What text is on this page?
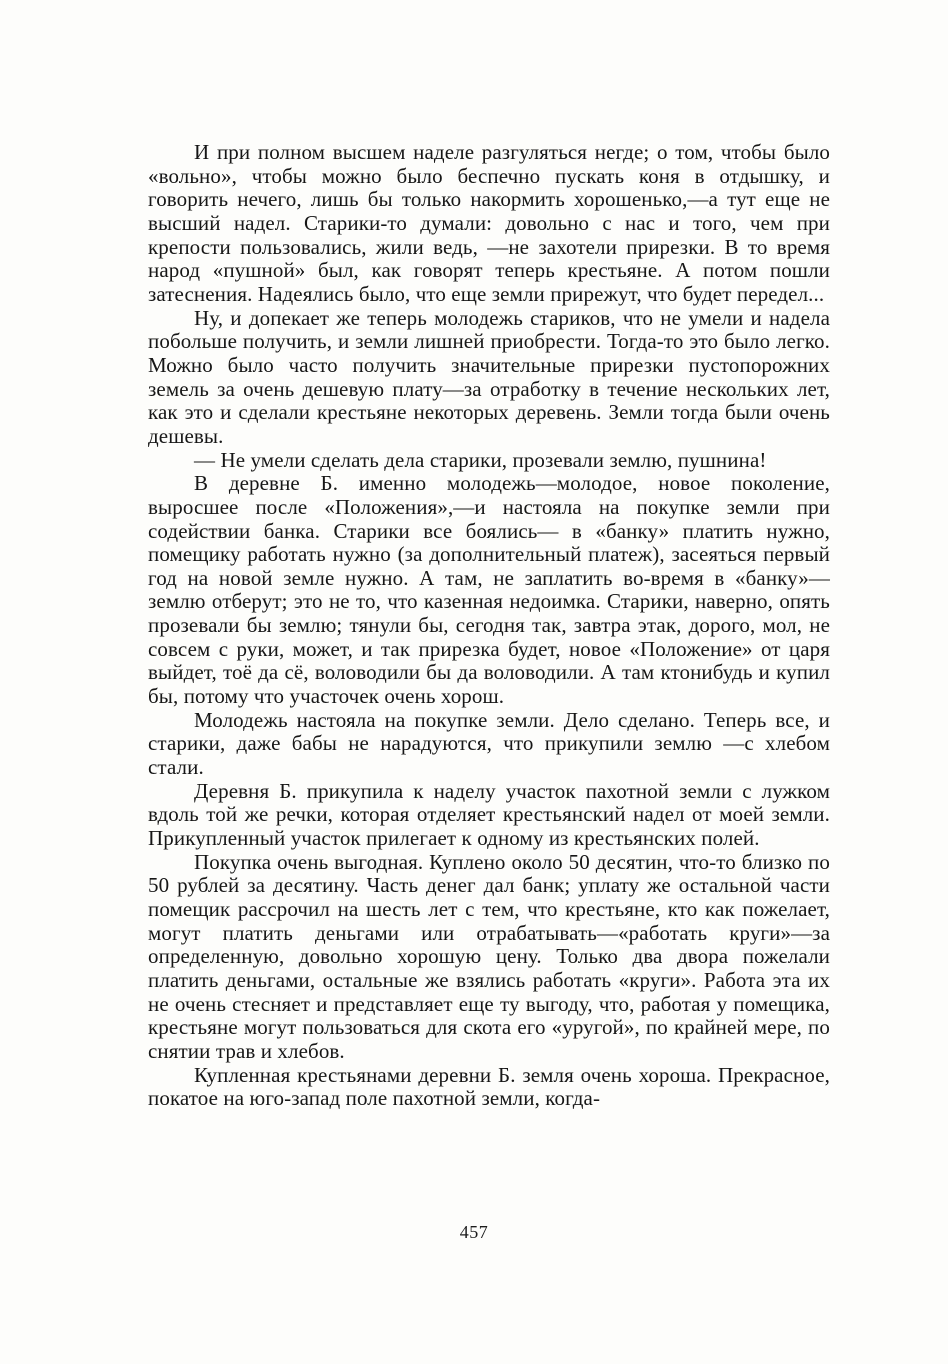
И при полном высшем наделе разгуляться негде; о том, чтобы было «вольно», чтобы можно было беспечно пускать коня в отдышку, и говорить нечего, лишь бы только накормить хорошенько,—а тут еще не высший надел. Старики-то думали: довольно с нас и того, чем при крепости пользовались, жили ведь, —не захотели прирезки. В то время народ «пушной» был, как говорят теперь крестьяне. А потом пошли затеснения. Надеялись было, что еще земли прирежут, что будет передел...

Ну, и допекает же теперь молодежь стариков, что не умели и надела побольше получить, и земли лишней приобрести. Тогда-то это было легко. Можно было часто получить значительные прирезки пустопорожних земель за очень дешевую плату—за отработку в течение нескольких лет, как это и сделали крестьяне некоторых деревень. Земли тогда были очень дешевы.

— Не умели сделать дела старики, прозевали землю, пушнина!

В деревне Б. именно молодежь—молодое, новое поколение, выросшее после «Положения»,—и настояла на покупке земли при содействии банка. Старики все боялись— в «банку» платить нужно, помещику работать нужно (за дополнительный платеж), засеяться первый год на новой земле нужно. А там, не заплатить во-время в «банку»—землю отберут; это не то, что казенная недоимка. Старики, наверно, опять прозевали бы землю; тянули бы, сегодня так, завтра этак, дорого, мол, не совсем с руки, может, и так прирезка будет, новое «Положение» от царя выйдет, тоё да сё, воловодили бы да воловодили. А там ктонибудь и купил бы, потому что участочек очень хорош.

Молодежь настояла на покупке земли. Дело сделано. Теперь все, и старики, даже бабы не нарадуются, что прикупили землю —с хлебом стали.

Деревня Б. прикупила к наделу участок пахотной земли с лужком вдоль той же речки, которая отделяет крестьянский надел от моей земли. Прикупленный участок прилегает к одному из крестьянских полей.

Покупка очень выгодная. Куплено около 50 десятин, что-то близко по 50 рублей за десятину. Часть денег дал банк; уплату же остальной части помещик рассрочил на шесть лет с тем, что крестьяне, кто как пожелает, могут платить деньгами или отрабатывать—«работать круги»—за определенную, довольно хорошую цену. Только два двора пожелали платить деньгами, остальные же взялись работать «круги». Работа эта их не очень стесняет и представляет еще ту выгоду, что, работая у помещика, крестьяне могут пользоваться для скота его «уругой», по крайней мере, по снятии трав и хлебов.

Купленная крестьянами деревни Б. земля очень хороша. Прекрасное, покатое на юго-запад поле пахотной земли, когда-

457
